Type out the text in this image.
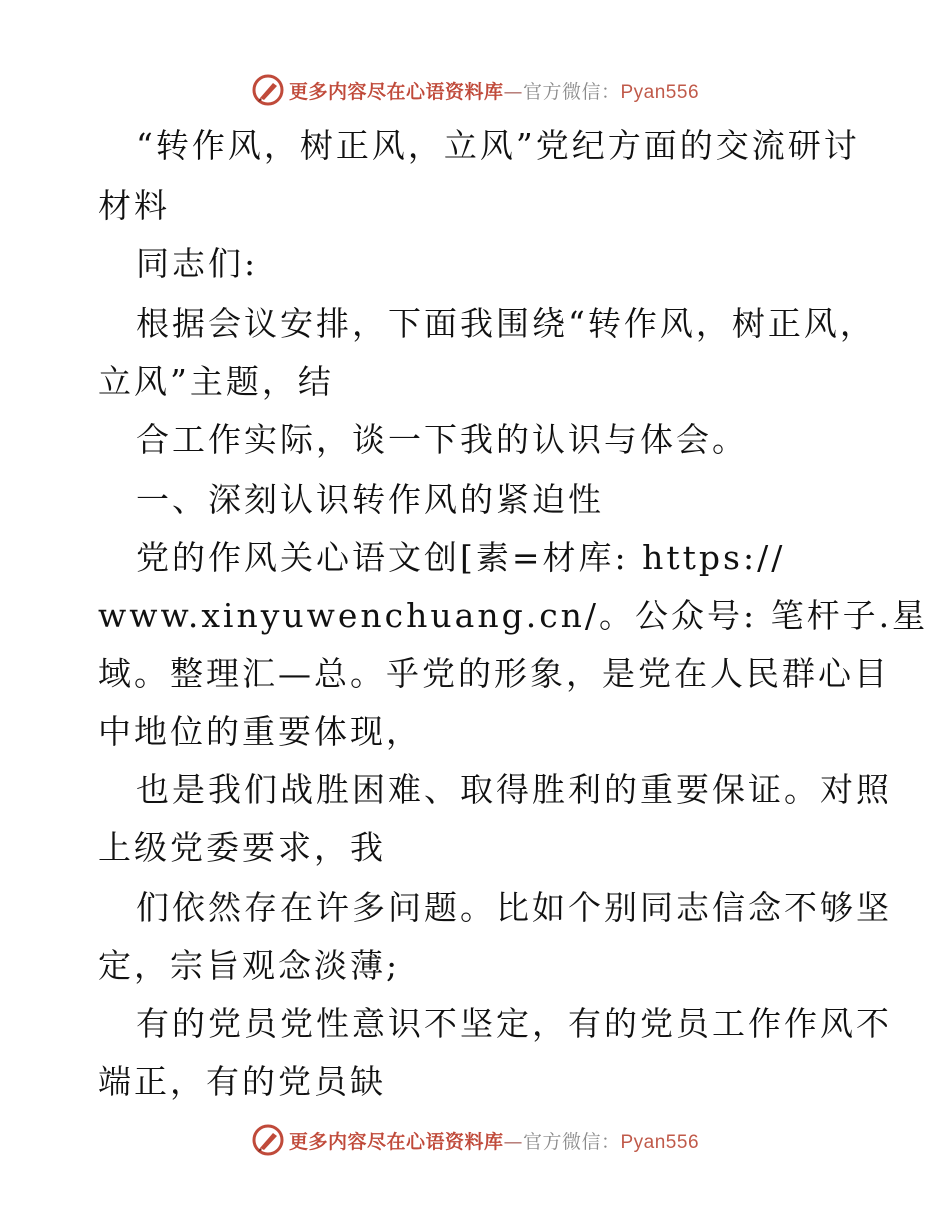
更多内容尽在心语资料库—官方微信：Pyan556
“转作风，树正风，立风”党纪方面的交流研讨
材料
同志们:
根据会议安排，下面我围绕“转作风，树正风，
立风”主题，结
合工作实际，谈一下我的认识与体会。
一、深刻认识转作风的紧迫性
党的作风关心语文创[素=材库: https://
www.xinyuwenchuang.cn/。公众号: 笔杆子.星
域。整理汇—总。乎党的形象，是党在人民群心目
中地位的重要体现，
也是我们战胜困难、取得胜利的重要保证。对照
上级党委要求，我
们依然存在许多问题。比如个别同志信念不够坚
定，宗旨观念淡薄;
有的党员党性意识不坚定，有的党员工作作风不
端正，有的党员缺
更多内容尽在心语资料库—官方微信：Pyan556
